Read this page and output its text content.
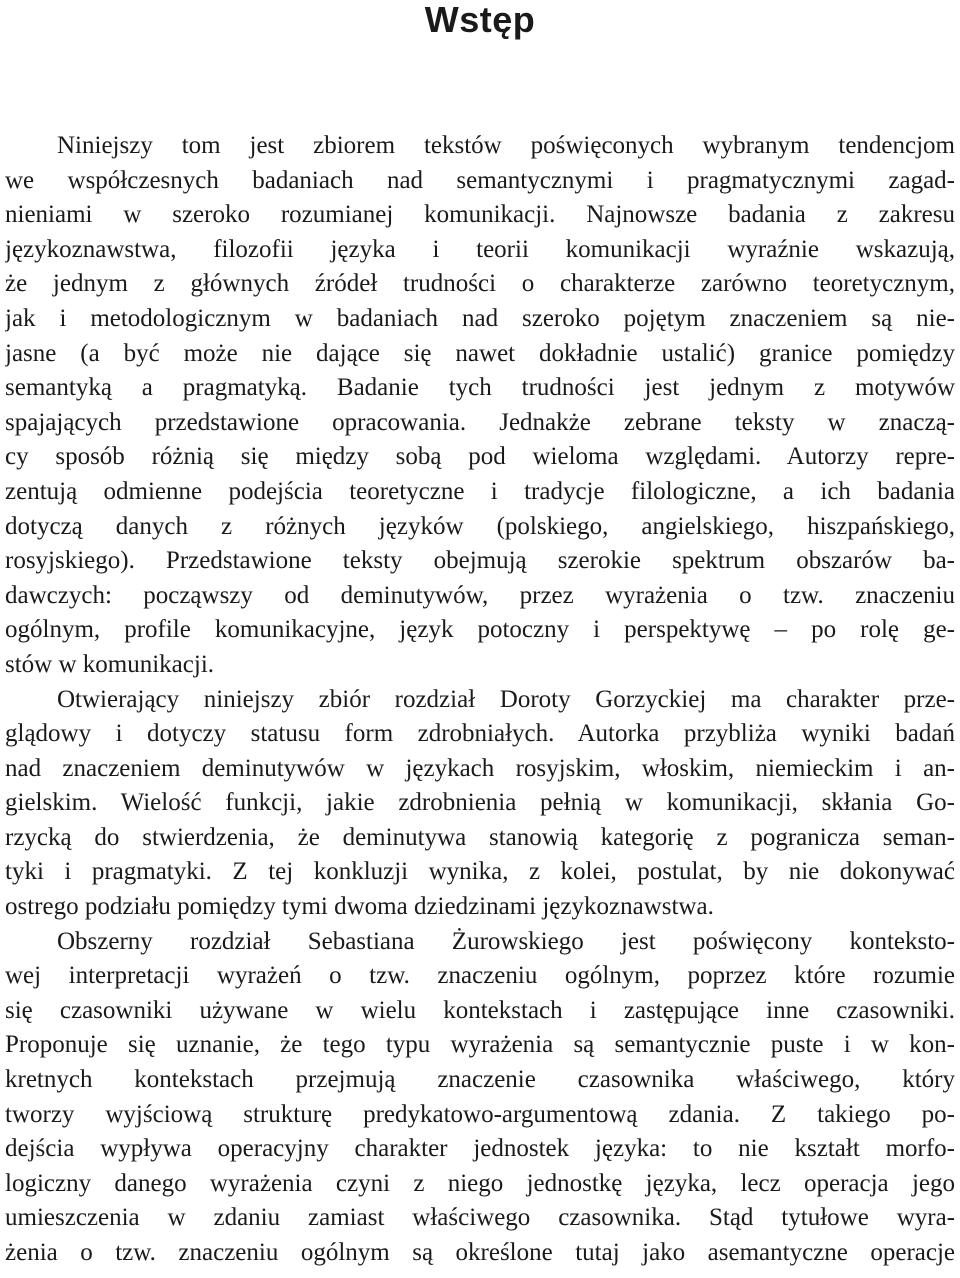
Wstęp
Niniejszy tom jest zbiorem tekstów poświęconych wybranym tendencjom
we współczesnych badaniach nad semantycznymi i pragmatycznymi zagad-
nieniami w szeroko rozumianej komunikacji. Najnowsze badania z zakresu
językoznawstwa, filozofii języka i teorii komunikacji wyraźnie wskazują,
że jednym z głównych źródeł trudności o charakterze zarówno teoretycznym,
jak i metodologicznym w badaniach nad szeroko pojętym znaczeniem są nie-
jasne (a być może nie dające się nawet dokładnie ustalić) granice pomiędzy
semantyką a pragmatyką. Badanie tych trudności jest jednym z motywów
spajających przedstawione opracowania. Jednakże zebrane teksty w znaczą-
cy sposób różnią się między sobą pod wieloma względami. Autorzy repre-
zentują odmienne podejścia teoretyczne i tradycje filologiczne, a ich badania
dotyczą danych z różnych języków (polskiego, angielskiego, hiszpańskiego,
rosyjskiego). Przedstawione teksty obejmują szerokie spektrum obszarów ba-
dawczych: począwszy od deminutywów, przez wyrażenia o tzw. znaczeniu
ogólnym, profile komunikacyjne, język potoczny i perspektywę – po rolę ge-
stów w komunikacji.
Otwierający niniejszy zbiór rozdział Doroty Gorzyckiej ma charakter prze-
glądowy i dotyczy statusu form zdrobniałych. Autorka przybliża wyniki badań
nad znaczeniem deminutywów w językach rosyjskim, włoskim, niemieckim i an-
gielskim. Wielość funkcji, jakie zdrobnienia pełnią w komunikacji, skłania Go-
rzycką do stwierdzenia, że deminutywa stanowią kategorię z pogranicza seman-
tyki i pragmatyki. Z tej konkluzji wynika, z kolei, postulat, by nie dokonywać
ostrego podziału pomiędzy tymi dwoma dziedzinami językoznawstwa.
Obszerny rozdział Sebastiana Żurowskiego jest poświęcony konteksto-
wej interpretacji wyrażeń o tzw. znaczeniu ogólnym, poprzez które rozumie
się czasowniki używane w wielu kontekstach i zastępujące inne czasowniki.
Proponuje się uznanie, że tego typu wyrażenia są semantycznie puste i w kon-
kretnych kontekstach przejmują znaczenie czasownika właściwego, który
tworzy wyjściową strukturę predykatowo-argumentową zdania. Z takiego po-
dejścia wypływa operacyjny charakter jednostek języka: to nie kształt morfo-
logiczny danego wyrażenia czyni z niego jednostkę języka, lecz operacja jego
umieszczenia w zdaniu zamiast właściwego czasownika. Stąd tytułowe wyra-
żenia o tzw. znaczeniu ogólnym są określone tutaj jako asemantyczne operacje
